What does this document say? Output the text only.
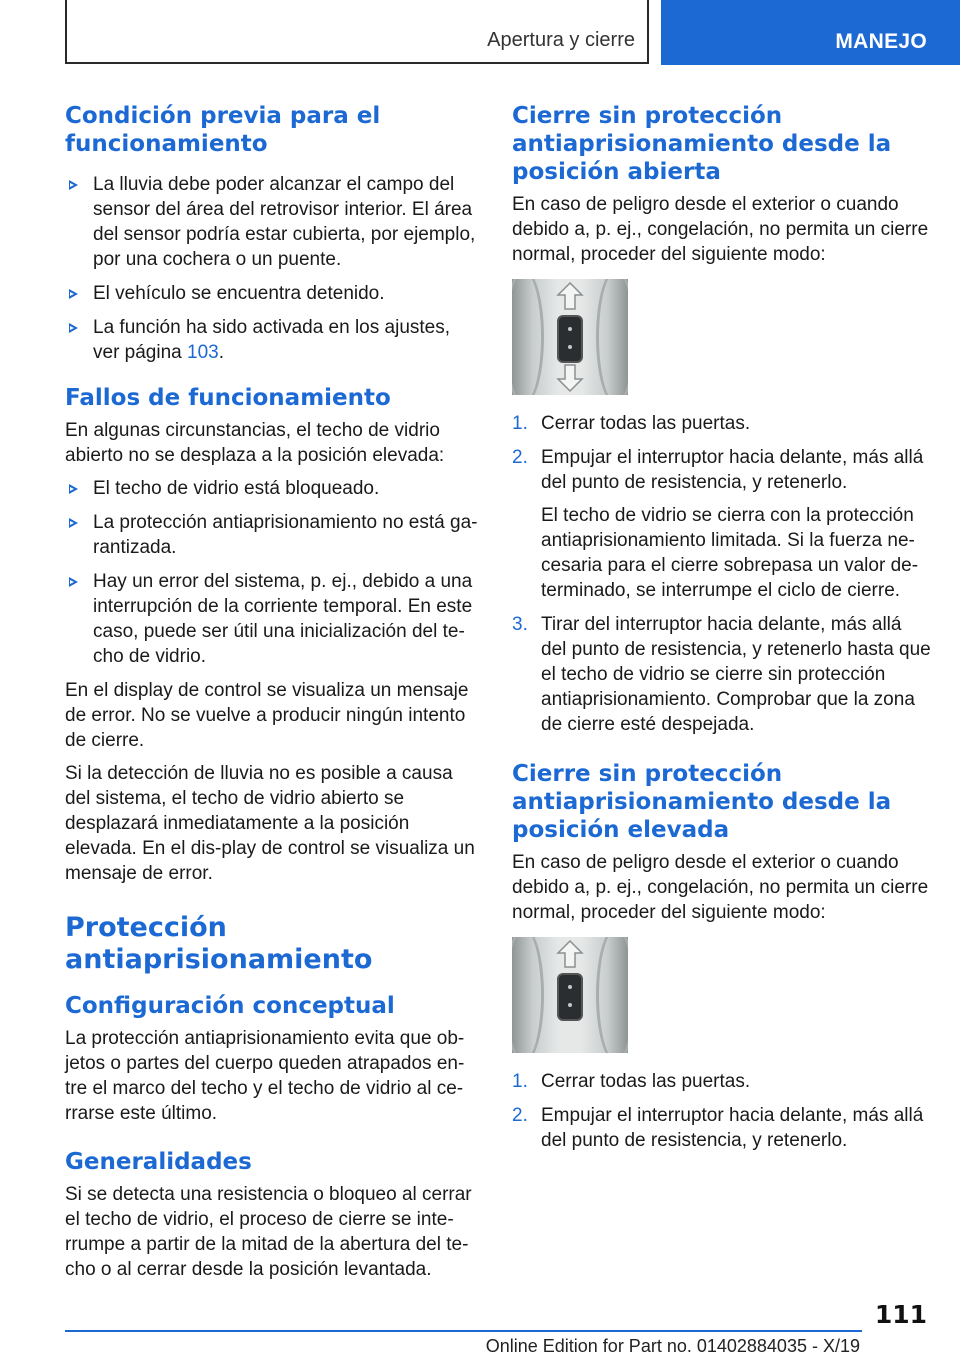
Apertura y cierre	MANEJO
Condición previa para el funcionamiento
La lluvia debe poder alcanzar el campo del sensor del área del retrovisor interior. El área del sensor podría estar cubierta, por ejemplo, por una cochera o un puente.
El vehículo se encuentra detenido.
La función ha sido activada en los ajustes, ver página 103.
Fallos de funcionamiento

En algunas circunstancias, el techo de vidrio abierto no se desplaza a la posición elevada:

El techo de vidrio está bloqueado.
La protección antiaprisionamiento no está ga-rantizada.
Hay un error del sistema, p. ej., debido a una interrupción de la corriente temporal. En este caso, puede ser útil una inicialización del te-cho de vidrio.

En el display de control se visualiza un mensaje de error. No se vuelve a producir ningún intento de cierre.

Si la detección de lluvia no es posible a causa del sistema, el techo de vidrio abierto se desplazará inmediatamente a la posición elevada. En el dis-play de control se visualiza un mensaje de error.

Protección antiaprisionamiento
Configuración conceptual

La protección antiaprisionamiento evita que ob-jetos o partes del cuerpo queden atrapados en-tre el marco del techo y el techo de vidrio al ce-rrarse este último.

Generalidades

Si se detecta una resistencia o bloqueo al cerrar el techo de vidrio, el proceso de cierre se inte-rrumpe a partir de la mitad de la abertura del te-cho o al cerrar desde la posición levantada.

Cierre sin protección antiaprisionamiento desde la posición abierta

En caso de peligro desde el exterior o cuando debido a, p. ej., congelación, no permita un cierre normal, proceder del siguiente modo:

1. Cerrar todas las puertas.
2. Empujar el interruptor hacia delante, más allá del punto de resistencia, y retenerlo.
El techo de vidrio se cierra con la protección antiaprisionamiento limitada. Si la fuerza ne-cesaria para el cierre sobrepasa un valor de-terminado, se interrumpe el ciclo de cierre.
3. Tirar del interruptor hacia delante, más allá del punto de resistencia, y retenerlo hasta que el techo de vidrio se cierre sin protección antiaprisionamiento. Comprobar que la zona de cierre esté despejada.
Cierre sin protección antiaprisionamiento desde la posición elevada

En caso de peligro desde el exterior o cuando debido a, p. ej., congelación, no permita un cierre normal, proceder del siguiente modo:

1. Cerrar todas las puertas.
2. Empujar el interruptor hacia delante, más allá del punto de resistencia, y retenerlo.
111
Online Edition for Part no. 01402884035 - X/19
